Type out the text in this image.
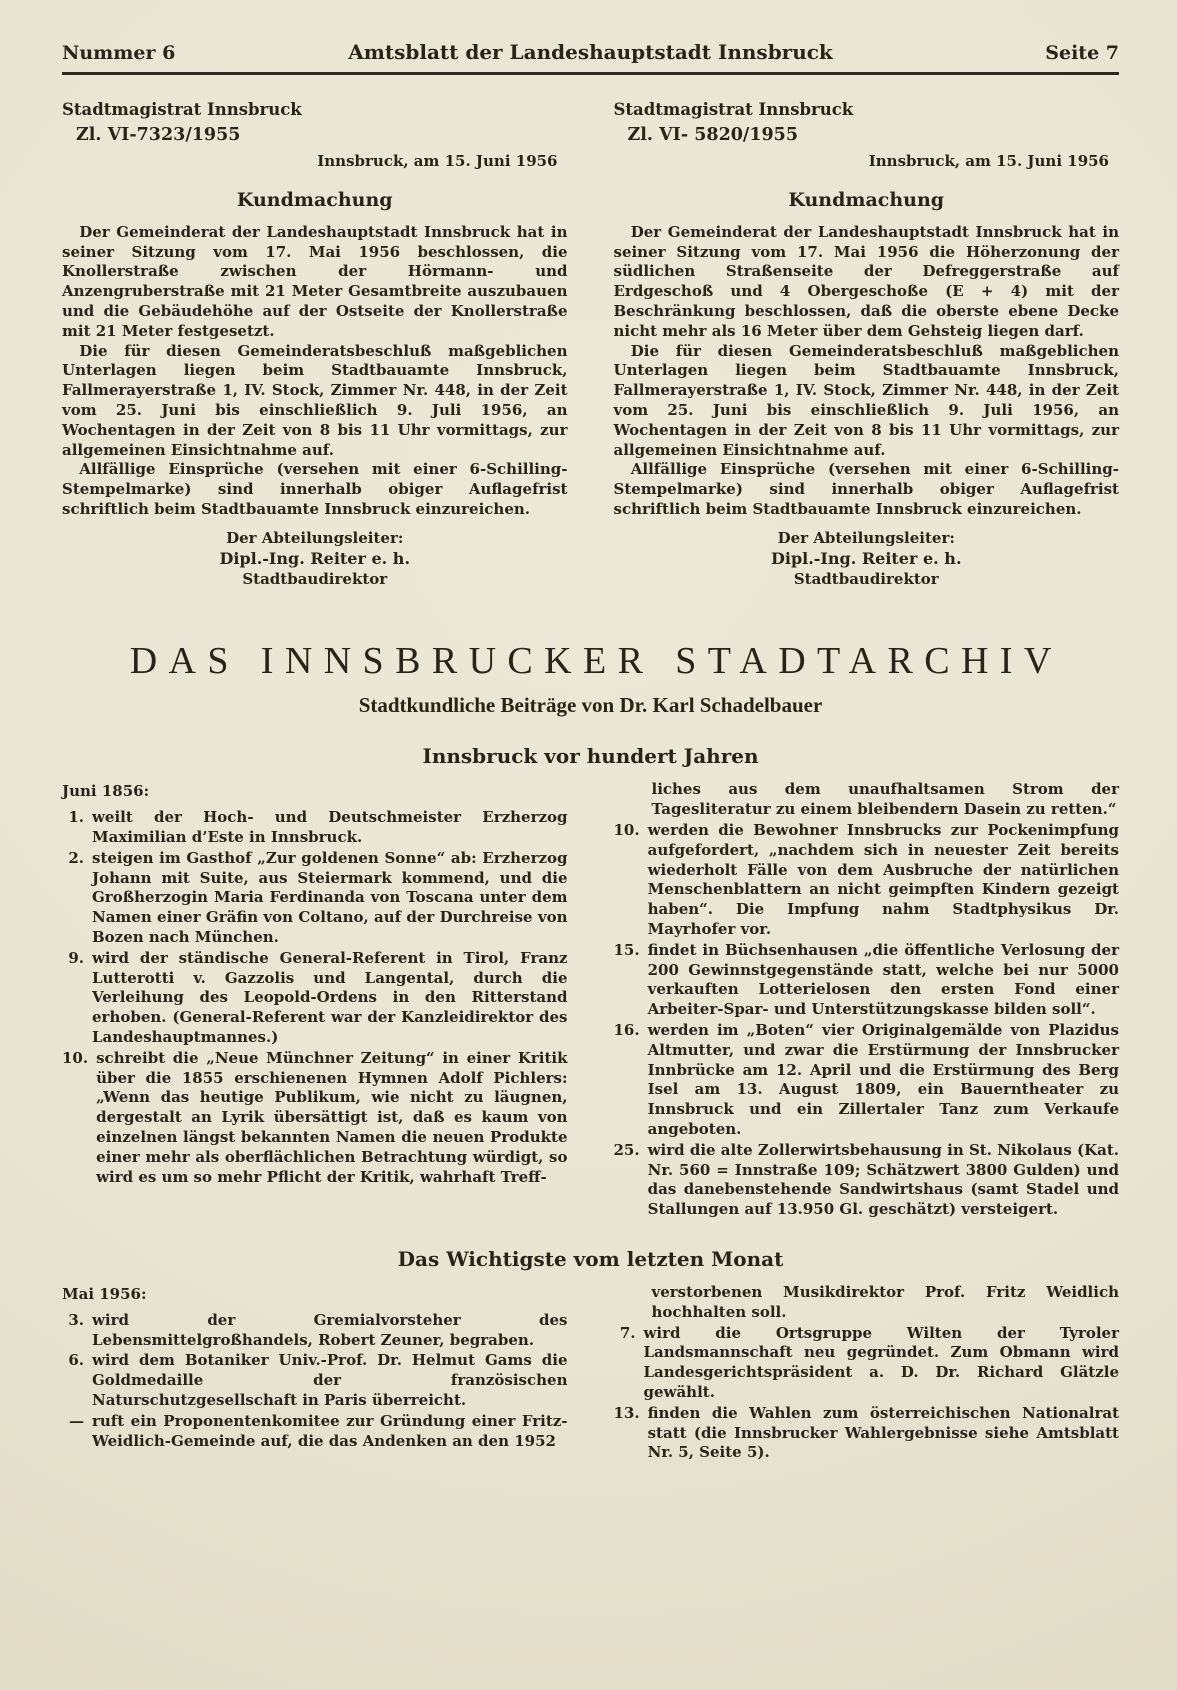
Nummer 6	Amtsblatt der Landeshauptstadt Innsbruck	Seite 7
Stadtmagistrat Innsbruck
Zl. VI-7323/1955
Innsbruck, am 15. Juni 1956
Kundmachung

Der Gemeinderat der Landeshauptstadt Innsbruck hat in seiner Sitzung vom 17. Mai 1956 beschlossen, die Knollerstraße zwischen der Hörmann- und Anzengruberstraße mit 21 Meter Gesamtbreite auszubauen und die Gebäudehöhe auf der Ostseite der Knollerstraße mit 21 Meter festgesetzt.

Die für diesen Gemeinderatsbeschluß maßgeblichen Unterlagen liegen beim Stadtbauamte Innsbruck, Fallmerayerstraße 1, IV. Stock, Zimmer Nr. 448, in der Zeit vom 25. Juni bis einschließlich 9. Juli 1956, an Wochentagen in der Zeit von 8 bis 11 Uhr vormittags, zur allgemeinen Einsichtnahme auf.

Allfällige Einsprüche (versehen mit einer 6-Schilling-Stempelmarke) sind innerhalb obiger Auflagefrist schriftlich beim Stadtbauamte Innsbruck einzureichen.

Der Abteilungsleiter:
Dipl.-Ing. Reiter e. h.
Stadtbaudirektor
Stadtmagistrat Innsbruck
Zl. VI- 5820/1955
Innsbruck, am 15. Juni 1956
Kundmachung

Der Gemeinderat der Landeshauptstadt Innsbruck hat in seiner Sitzung vom 17. Mai 1956 die Höherzonung der südlichen Straßenseite der Defreggerstraße auf Erdgeschoß und 4 Obergeschoße (E + 4) mit der Beschränkung beschlossen, daß die oberste ebene Decke nicht mehr als 16 Meter über dem Gehsteig liegen darf.

Die für diesen Gemeinderatsbeschluß maßgeblichen Unterlagen liegen beim Stadtbauamte Innsbruck, Fallmerayerstraße 1, IV. Stock, Zimmer Nr. 448, in der Zeit vom 25. Juni bis einschließlich 9. Juli 1956, an Wochentagen in der Zeit von 8 bis 11 Uhr vormittags, zur allgemeinen Einsichtnahme auf.

Allfällige Einsprüche (versehen mit einer 6-Schilling-Stempelmarke) sind innerhalb obiger Auflagefrist schriftlich beim Stadtbauamte Innsbruck einzureichen.

Der Abteilungsleiter:
Dipl.-Ing. Reiter e. h.
Stadtbaudirektor
DAS INNSBRUCKER STADTARCHIV
Stadtkundliche Beiträge von Dr. Karl Schadelbauer
Innsbruck vor hundert Jahren
Juni 1856:
1. weilt der Hoch- und Deutschmeister Erzherzog Maximilian d’Este in Innsbruck.
2. steigen im Gasthof „Zur goldenen Sonne“ ab: Erzherzog Johann mit Suite, aus Steiermark kommend, und die Großherzogin Maria Ferdinanda von Toscana unter dem Namen einer Gräfin von Coltano, auf der Durchreise von Bozen nach München.
9. wird der ständische General-Referent in Tirol, Franz Lutterotti v. Gazzolis und Langental, durch die Verleihung des Leopold-Ordens in den Ritterstand erhoben. (General-Referent war der Kanzleidirektor des Landeshauptmannes.)
10. schreibt die „Neue Münchner Zeitung“ in einer Kritik über die 1855 erschienenen Hymnen Adolf Pichlers: „Wenn das heutige Publikum, wie nicht zu läugnen, dergestalt an Lyrik übersättigt ist, daß es kaum von einzelnen längst bekannten Namen die neuen Produkte einer mehr als oberflächlichen Betrachtung würdigt, so wird es um so mehr Pflicht der Kritik, wahrhaft Treff-

liches aus dem unaufhaltsamen Strom der Tagesliteratur zu einem bleibendern Dasein zu retten.“

10. werden die Bewohner Innsbrucks zur Pockenimpfung aufgefordert, „nachdem sich in neuester Zeit bereits wiederholt Fälle von dem Ausbruche der natürlichen Menschenblattern an nicht geimpften Kindern gezeigt haben“. Die Impfung nahm Stadtphysikus Dr. Mayrhofer vor.
15. findet in Büchsenhausen „die öffentliche Verlosung der 200 Gewinnstgegenstände statt, welche bei nur 5000 verkauften Lotterielosen den ersten Fond einer Arbeiter-Spar- und Unterstützungskasse bilden soll“.
16. werden im „Boten“ vier Originalgemälde von Plazidus Altmutter, und zwar die Erstürmung der Innsbrucker Innbrücke am 12. April und die Erstürmung des Berg Isel am 13. August 1809, ein Bauerntheater zu Innsbruck und ein Zillertaler Tanz zum Verkaufe angeboten.
25. wird die alte Zollerwirtsbehausung in St. Nikolaus (Kat. Nr. 560 = Innstraße 109; Schätzwert 3800 Gulden) und das danebenstehende Sandwirtshaus (samt Stadel und Stallungen auf 13.950 Gl. geschätzt) versteigert.
Das Wichtigste vom letzten Monat
Mai 1956:
3. wird der Gremialvorsteher des Lebensmittelgroßhandels, Robert Zeuner, begraben.
6. wird dem Botaniker Univ.-Prof. Dr. Helmut Gams die Goldmedaille der französischen Naturschutzgesellschaft in Paris überreicht.
— ruft ein Proponentenkomitee zur Gründung einer Fritz-Weidlich-Gemeinde auf, die das Andenken an den 1952

verstorbenen Musikdirektor Prof. Fritz Weidlich hochhalten soll.

7. wird die Ortsgruppe Wilten der Tyroler Landsmannschaft neu gegründet. Zum Obmann wird Landesgerichtspräsident a. D. Dr. Richard Glätzle gewählt.
13. finden die Wahlen zum österreichischen Nationalrat statt (die Innsbrucker Wahlergebnisse siehe Amtsblatt Nr. 5, Seite 5).
